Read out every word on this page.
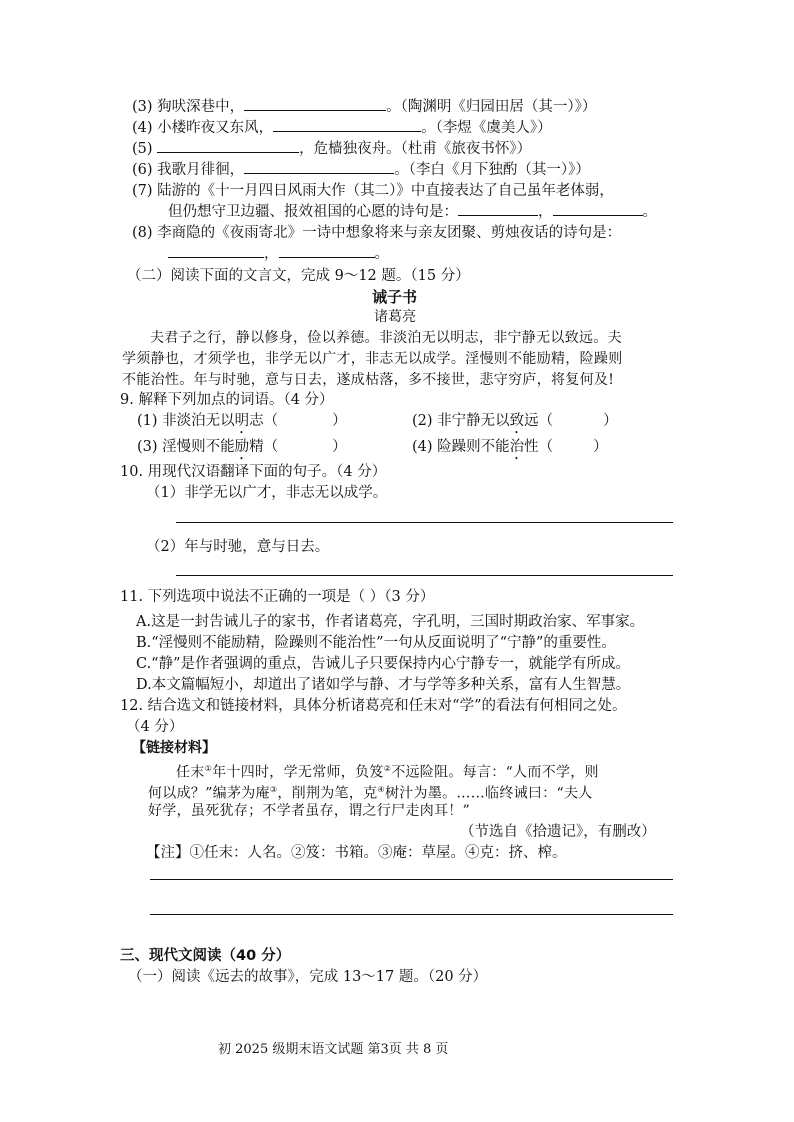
(3) 狗吠深巷中，	。（陶渊明《归园田居（其一）》）
(4) 小楼昨夜又东风，	。（李煜《虞美人》）
(5)	，危樯独夜舟。（杜甫《旅夜书怀》）
(6) 我歌月徘徊，	。（李白《月下独酌（其一）》）
(7) 陆游的《十一月四日风雨大作（其二）》中直接表达了自己虽年老体弱，
但仍想守卫边疆、报效祖国的心愿的诗句是：	，	。
(8) 李商隐的《夜雨寄北》一诗中想象将来与亲友团聚、剪烛夜话的诗句是：
，	。
（二）阅读下面的文言文，完成 9～12 题。（15 分）
诫子书
诸葛亮
夫君子之行，静以修身，俭以养德。非淡泊无以明志，非宁静无以致远。夫
学须静也，才须学也，非学无以广才，非志无以成学。淫慢则不能励精，险躁则
不能治性。年与时驰，意与日去，遂成枯落，多不接世，悲守穷庐，将复何及!
9. 解释下列加点的词语。（4 分）
(1) 非淡泊无以明志（	）	(2) 非宁静无以致远（	）
(3) 淫慢则不能励精（	）	(4) 险躁则不能治性（	）
10. 用现代汉语翻译下面的句子。（4 分）
（1）非学无以广才，非志无以成学。
（2）年与时驰，意与日去。
11. 下列选项中说法不正确的一项是（ ）（3 分）
A.这是一封告诫儿子的家书，作者诸葛亮，字孔明，三国时期政治家、军事家。
B.“淫慢则不能励精，险躁则不能治性”一句从反面说明了“宁静”的重要性。
C.“静”是作者强调的重点，告诫儿子只要保持内心宁静专一，就能学有所成。
D.本文篇幅短小，却道出了诸如学与静、才与学等多种关系，富有人生智慧。
12. 结合选文和链接材料，具体分析诸葛亮和任末对“学”的看法有何相同之处。
（4 分）
【链接材料】
任末①年十四时，学无常师，负笈②不远险阻。每言：“人而不学，则
何以成？”编茅为庵③，削荆为笔，克④树汁为墨。……临终诫曰：“夫人
好学，虽死犹存；不学者虽存，谓之行尸走肉耳！”
（节选自《拾遗记》，有删改）
【注】①任末：人名。②笈：书箱。③庵：草屋。④克：挤、榨。
三、现代文阅读（40 分）
（一）阅读《远去的故事》，完成 13～17 题。（20 分）
初 2025 级期末语文试题 第3页 共 8 页
